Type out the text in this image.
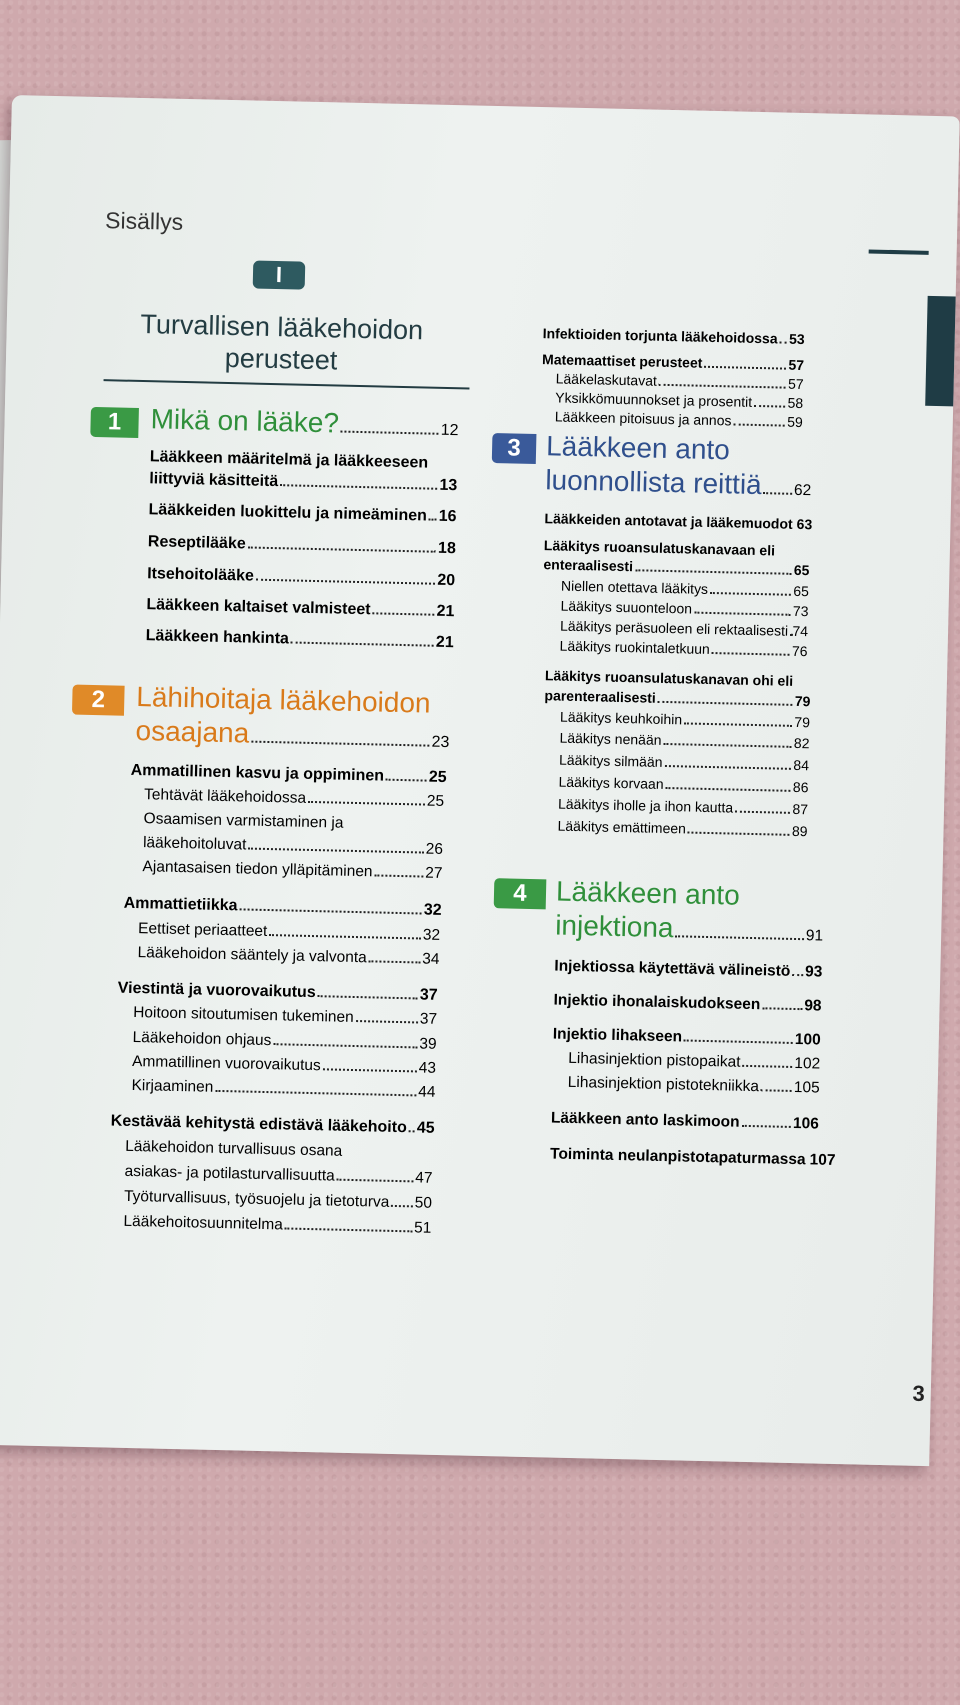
Sisällys
I
Turvallisen lääkehoidon
perusteet
1	Mikä on lääke?	12
Lääkkeen määritelmä ja lääkkeeseen
liittyviä käsitteitä	13
Lääkkeiden luokittelu ja nimeäminen 16
Reseptilääke	18
Itsehoitolääke	20
Lääkkeen kaltaiset valmisteet	21
Lääkkeen hankinta	21
2	Lähihoitaja lääkehoidon
osaajana	23
Ammatillinen kasvu ja oppiminen	25
Tehtävät lääkehoidossa	25
Osaamisen varmistaminen ja
lääkehoitoluvat	26
Ajantasaisen tiedon ylläpitäminen	27
Ammattietiikka	32
Eettiset periaatteet	32
Lääkehoidon sääntely ja valvonta	34
Viestintä ja vuorovaikutus	37
Hoitoon sitoutumisen tukeminen	37
Lääkehoidon ohjaus	39
Ammatillinen vuorovaikutus	43
Kirjaaminen	44
Kestävää kehitystä edistävä lääkehoito 45
Lääkehoidon turvallisuus osana
asiakas- ja potilasturvallisuutta	47
Työturvallisuus, työsuojelu ja tietoturva 50
Lääkehoitosuunnitelma	51
Infektioiden torjunta lääkehoidossa 53
Matemaattiset perusteet	57
Lääkelaskutavat	57
Yksikkömuunnokset ja prosentit	58
Lääkkeen pitoisuus ja annos	59
3 Lääkkeen anto
luonnollista reittiä 62
Lääkkeiden antotavat ja lääkemuodot 63
Lääkitys ruoansulatuskanavaan eli
enteraalisesti	65
Niellen otettava lääkitys	65
Lääkitys suuonteloon	73
Lääkitys peräsuoleen eli rektaalisesti 74
Lääkitys ruokintaletkuun	76
Lääkitys ruoansulatuskanavan ohi eli
parenteraalisesti	79
Lääkitys keuhkoihin	79
Lääkitys nenään	82
Lääkitys silmään	84
Lääkitys korvaan	86
Lääkitys iholle ja ihon kautta	87
Lääkitys emättimeen	89
4	Lääkkeen anto
injektiona	91
Injektiossa käytettävä välineistö 93
Injektio ihonalaiskudokseen	98
Injektio lihakseen	100
Lihasinjektion pistopaikat	102
Lihasinjektion pistotekniikka 105
Lääkkeen anto laskimoon	106
Toiminta neulanpistotapaturmassa 107
3
